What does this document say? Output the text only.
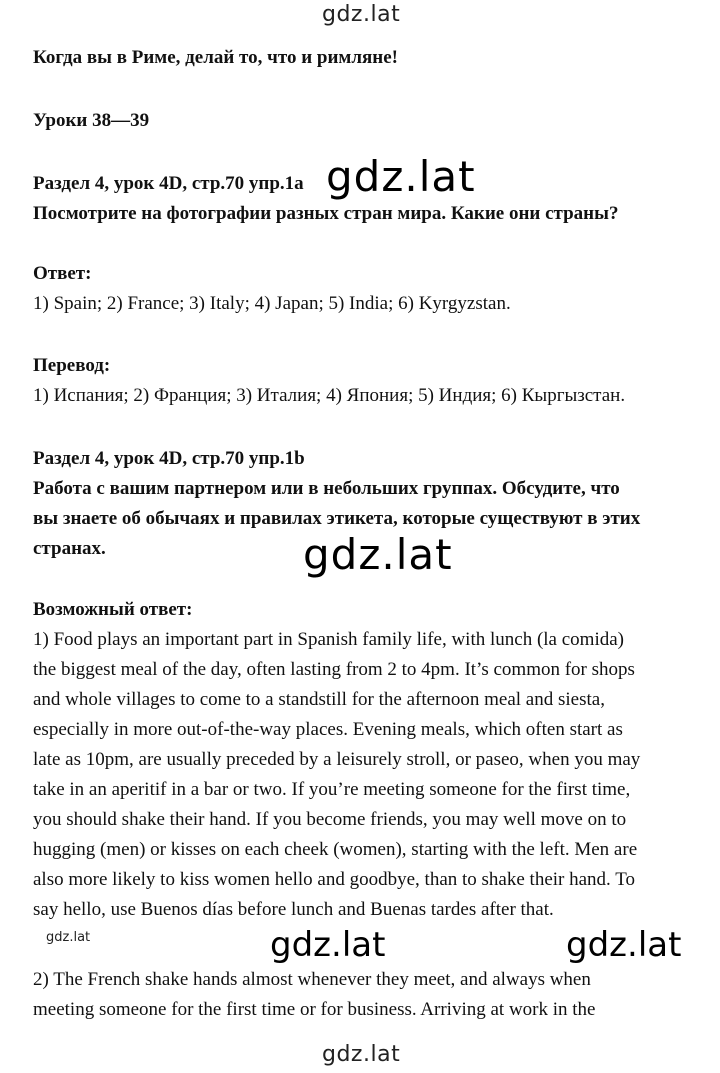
gdz.lat
gdz.lat
gdz.lat
gdz.lat	gdz.lat	gdz.lat
gdz.lat
Когда вы в Риме, делай то, что и римляне!
Уроки 38—39
Раздел 4, урок 4D, стр.70 упр.1a
Посмотрите на фотографии разных стран мира. Какие они страны?
Ответ:
1) Spain; 2) France; 3) Italy; 4) Japan; 5) India; 6) Kyrgyzstan.
Перевод:
1) Испания; 2) Франция; 3) Италия; 4) Япония; 5) Индия; 6) Кыргызстан.
Раздел 4, урок 4D, стр.70 упр.1b
Работа с вашим партнером или в небольших группах. Обсудите, что
вы знаете об обычаях и правилах этикета, которые существуют в этих
странах.
Возможный ответ:
1) Food plays an important part in Spanish family life, with lunch (la comida)
the biggest meal of the day, often lasting from 2 to 4pm. It’s common for shops
and whole villages to come to a standstill for the afternoon meal and siesta,
especially in more out-of-the-way places. Evening meals, which often start as
late as 10pm, are usually preceded by a leisurely stroll, or paseo, when you may
take in an aperitif in a bar or two. If you’re meeting someone for the first time,
you should shake their hand. If you become friends, you may well move on to
hugging (men) or kisses on each cheek (women), starting with the left. Men are
also more likely to kiss women hello and goodbye, than to shake their hand. To
say hello, use Buenos días before lunch and Buenas tardes after that.
2) The French shake hands almost whenever they meet, and always when
meeting someone for the first time or for business. Arriving at work in the
